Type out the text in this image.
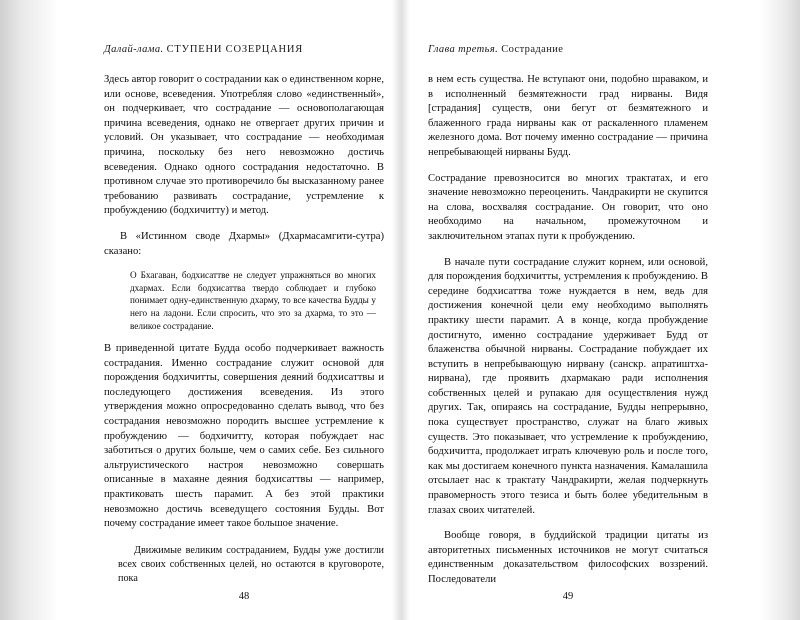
Далай-лама. СТУПЕНИ СОЗЕРЦАНИЯ

Здесь автор говорит о сострадании как о единственном корне, или основе, всеведения. Употребляя слово «единственный», он подчеркивает, что сострадание — основополагающая причина всеведения, однако не отвергает других причин и условий. Он указывает, что сострадание — необходимая причина, поскольку без него невозможно достичь всеведения. Однако одного сострадания недостаточно. В противном случае это противоречило бы высказанному ранее требованию развивать сострадание, устремление к пробуждению (бодхичитту) и метод.

В «Истинном своде Дхармы» (Дхармасамгити-сутра) сказано:

О Бхагаван, бодхисаттве не следует упражняться во многих дхармах. Если бодхисаттва твердо соблюдает и глубоко понимает одну-единственную дхарму, то все качества Будды у него на ладони. Если спросить, что это за дхарма, то это — великое сострадание.

В приведенной цитате Будда особо подчеркивает важность сострадания. Именно сострадание служит основой для порождения бодхичитты, совершения деяний бодхисаттвы и последующего достижения всеведения. Из этого утверждения можно опросредованно сделать вывод, что без сострадания невозможно породить высшее устремление к пробуждению — бодхичитту, которая побуждает нас заботиться о других больше, чем о самих себе. Без сильного альтруистического настроя невозможно совершать описанные в махаяне деяния бодхисаттвы — например, практиковать шесть парамит. А без этой практики невозможно достичь всеведущего состояния Будды. Вот почему сострадание имеет такое большое значение.

Движимые великим состраданием, Будды уже достигли всех своих собственных целей, но остаются в круговороте, пока

48
Глава третья. Сострадание

в нем есть существа. Не вступают они, подобно шраваком, и в исполненный безмятежности град нирваны. Видя [страдания] существ, они бегут от безмятежного и блаженного града нирваны как от раскаленного пламенем железного дома. Вот почему именно сострадание — причина непребывающей нирваны Будд.

Сострадание превозносится во многих трактатах, и его значение невозможно переоценить. Чандракирти не скупится на слова, восхваляя сострадание. Он говорит, что оно необходимо на начальном, промежуточном и заключительном этапах пути к пробуждению.

В начале пути сострадание служит корнем, или основой, для порождения бодхичитты, устремления к пробуждению. В середине бодхисаттва тоже нуждается в нем, ведь для достижения конечной цели ему необходимо выполнять практику шести парамит. А в конце, когда пробуждение достигнуто, именно сострадание удерживает Будд от блаженства обычной нирваны. Сострадание побуждает их вступить в непребывающую нирвану (санскр. апратиштха-нирвана), где проявить дхармакаю ради исполнения собственных целей и рупакаю для осуществления нужд других. Так, опираясь на сострадание, Будды непрерывно, пока существует пространство, служат на благо живых существ. Это показывает, что устремление к пробуждению, бодхичитта, продолжает играть ключевую роль и после того, как мы достигаем конечного пункта назначения. Камалашила отсылает нас к трактату Чандракирти, желая подчеркнуть правомерность этого тезиса и быть более убедительным в глазах своих читателей.

Вообще говоря, в буддийской традиции цитаты из авторитетных письменных источников не могут считаться единственным доказательством философских воззрений. Последователи

49
